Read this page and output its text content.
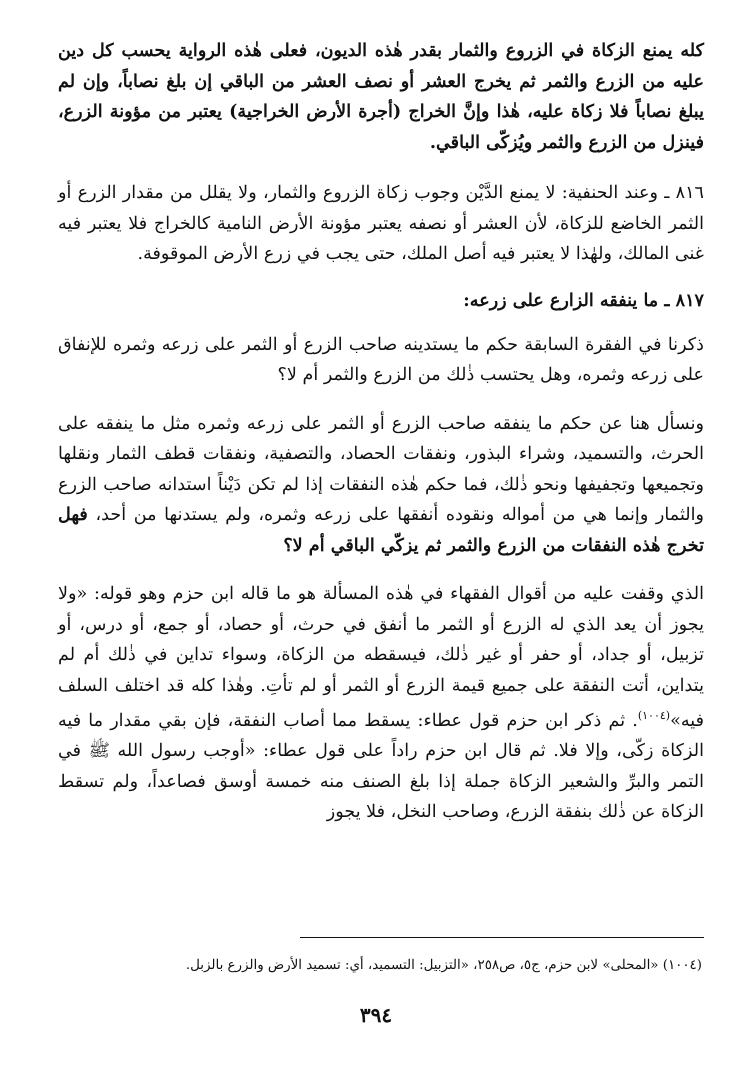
كله يمنع الزكاة في الزروع والثمار بقدر هٰذه الديون، فعلى هٰذه الرواية يحسب كل دين عليه من الزرع والثمر ثم يخرج العشر أو نصف العشر من الباقي إن بلغ نصاباً، وإن لم يبلغ نصاباً فلا زكاة عليه، هٰذا وإنَّ الخراج (أجرة الأرض الخراجية) يعتبر من مؤونة الزرع، فينزل من الزرع والثمر ويُزكّى الباقي.

٨١٦ ـ وعند الحنفية: لا يمنع الدَّيْن وجوب زكاة الزروع والثمار، ولا يقلل من مقدار الزرع أو الثمر الخاضع للزكاة، لأن العشر أو نصفه يعتبر مؤونة الأرض النامية كالخراج فلا يعتبر فيه غنى المالك، ولهٰذا لا يعتبر فيه أصل الملك، حتى يجب في زرع الأرض الموقوفة.

٨١٧ ـ ما ينفقه الزارع على زرعه:

ذكرنا في الفقرة السابقة حكم ما يستدينه صاحب الزرع أو الثمر على زرعه وثمره للإنفاق على زرعه وثمره، وهل يحتسب ذٰلك من الزرع والثمر أم لا؟

ونسأل هنا عن حكم ما ينفقه صاحب الزرع أو الثمر على زرعه وثمره مثل ما ينفقه على الحرث، والتسميد، وشراء البذور، ونفقات الحصاد، والتصفية، ونفقات قطف الثمار ونقلها وتجميعها وتجفيفها ونحو ذٰلك، فما حكم هٰذه النفقات إذا لم تكن دَيْناً استدانه صاحب الزرع والثمار وإنما هي من أمواله ونقوده أنفقها على زرعه وثمره، ولم يستدنها من أحد، فهل تخرج هٰذه النفقات من الزرع والثمر ثم يزكّي الباقي أم لا؟

الذي وقفت عليه من أقوال الفقهاء في هٰذه المسألة هو ما قاله ابن حزم وهو قوله: «ولا يجوز أن يعد الذي له الزرع أو الثمر ما أنفق في حرث، أو حصاد، أو جمع، أو درس، أو تزبيل، أو جداد، أو حفر أو غير ذٰلك، فيسقطه من الزكاة، وسواء تداين في ذٰلك أم لم يتداين، أتت النفقة على جميع قيمة الزرع أو الثمر أو لم تأتِ. وهٰذا كله قد اختلف السلف فيه»$^{(١٠٠٤)}$. ثم ذكر ابن حزم قول عطاء: يسقط مما أصاب النفقة، فإن بقي مقدار ما فيه الزكاة زكّى، وإلا فلا. ثم قال ابن حزم راداً على قول عطاء: «أوجب رسول الله ﷺ في التمر والبرِّ والشعير الزكاة جملة إذا بلغ الصنف منه خمسة أوسق فصاعداً، ولم تسقط الزكاة عن ذٰلك بنفقة الزرع، وصاحب النخل، فلا يجوز

(١٠٠٤) «المحلى» لابن حزم، ج٥، ص٢٥٨، «التزبيل: التسميد، أي: تسميد الأرض والزرع بالزبل.

٣٩٤
